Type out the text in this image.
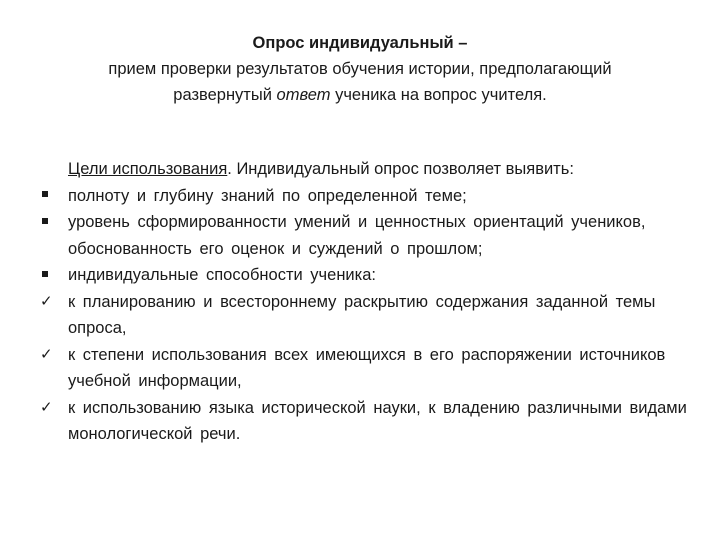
Опрос индивидуальный –
прием проверки результатов обучения истории, предполагающий
развернутый ответ ученика на вопрос учителя.
Цели использования. Индивидуальный опрос позволяет выявить:
полноту и глубину знаний по определенной теме;
уровень сформированности умений и ценностных ориентаций учеников, обоснованность его оценок и суждений о прошлом;
индивидуальные способности ученика:
✓ к планированию и всестороннему раскрытию содержания заданной темы опроса,
✓ к степени использования всех имеющихся в его распоряжении источников учебной информации,
✓ к использованию языка исторической науки, к владению различными видами монологической речи.
